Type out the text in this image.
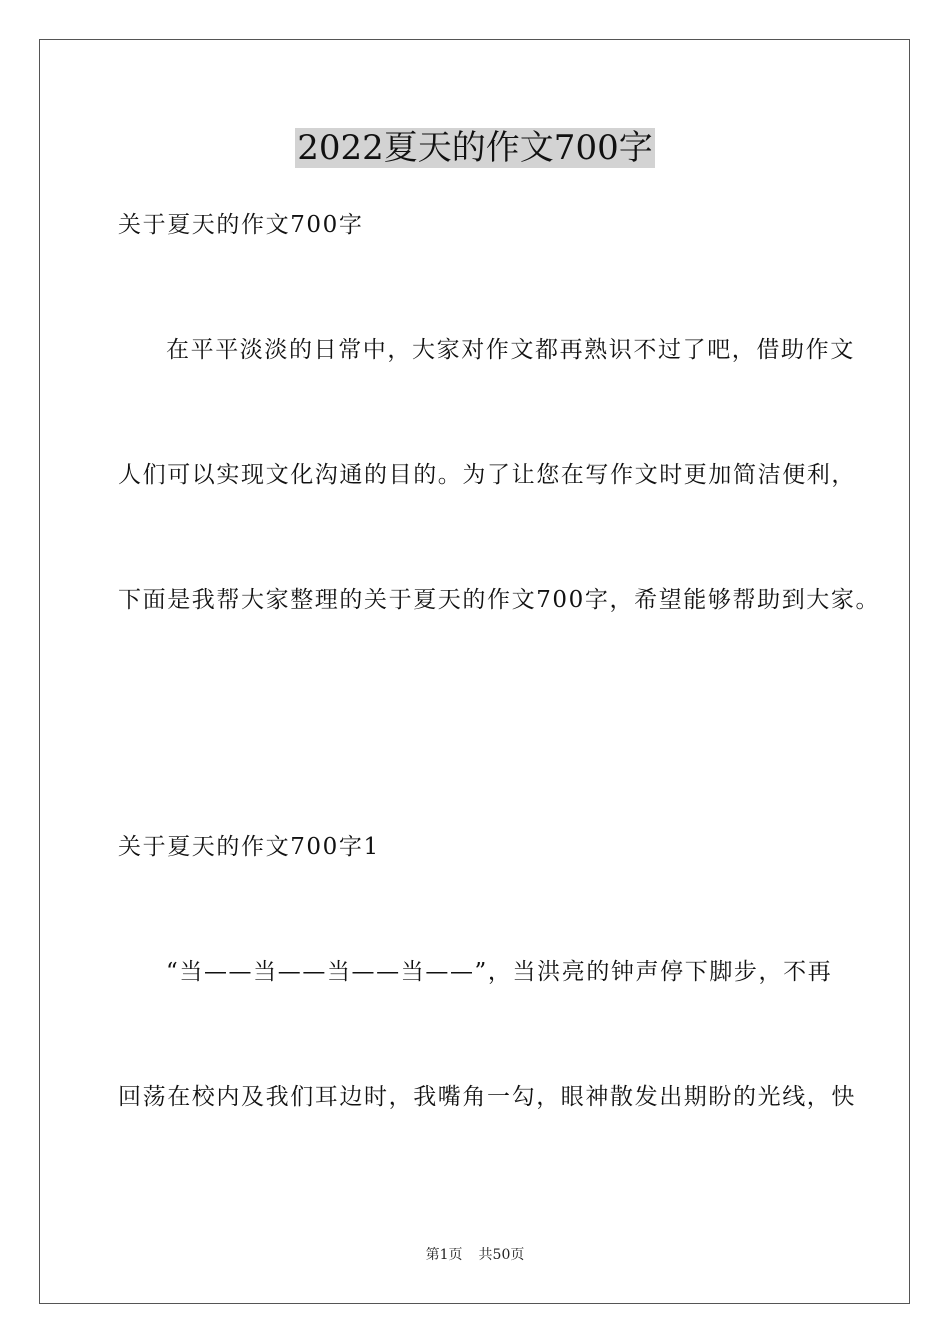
2022夏天的作文700字
关于夏天的作文700字
在平平淡淡的日常中，大家对作文都再熟识不过了吧，借助作文
人们可以实现文化沟通的目的。为了让您在写作文时更加简洁便利，
下面是我帮大家整理的关于夏天的作文700字，希望能够帮助到大家。
关于夏天的作文700字1
“当——当——当——当——”，当洪亮的钟声停下脚步，不再
回荡在校内及我们耳边时，我嘴角一勾，眼神散发出期盼的光线，快
第1页 共50页
